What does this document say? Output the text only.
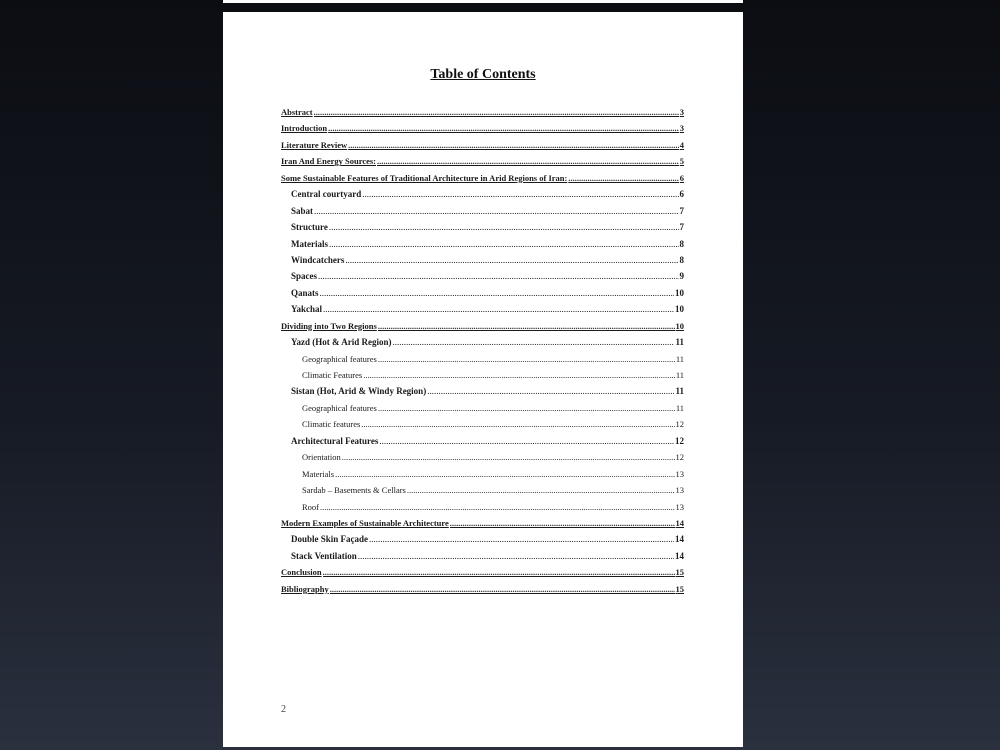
Table of Contents
Abstract .....	3
Introduction .....	3
Literature Review .....	4
Iran And Energy Sources: .....	5
Some Sustainable Features of Traditional Architecture in Arid Regions of Iran: .....	6
Central courtyard .....	6
Sabat .....	7
Structure .....	7
Materials .....	8
Windcatchers .....	8
Spaces .....	9
Qanats .....	10
Yakchal .....	10
Dividing into Two Regions .....	10
Yazd (Hot & Arid Region) .....	11
Geographical features .....	11
Climatic Features .....	11
Sistan (Hot, Arid & Windy Region) .....	11
Geographical features .....	11
Climatic features .....	12
Architectural Features .....	12
Orientation .....	12
Materials .....	13
Sardab – Basements & Cellars .....	13
Roof .....	13
Modern Examples of Sustainable Architecture .....	14
Double Skin Façade .....	14
Stack Ventilation .....	14
Conclusion .....	15
Bibliography .....	15
2
